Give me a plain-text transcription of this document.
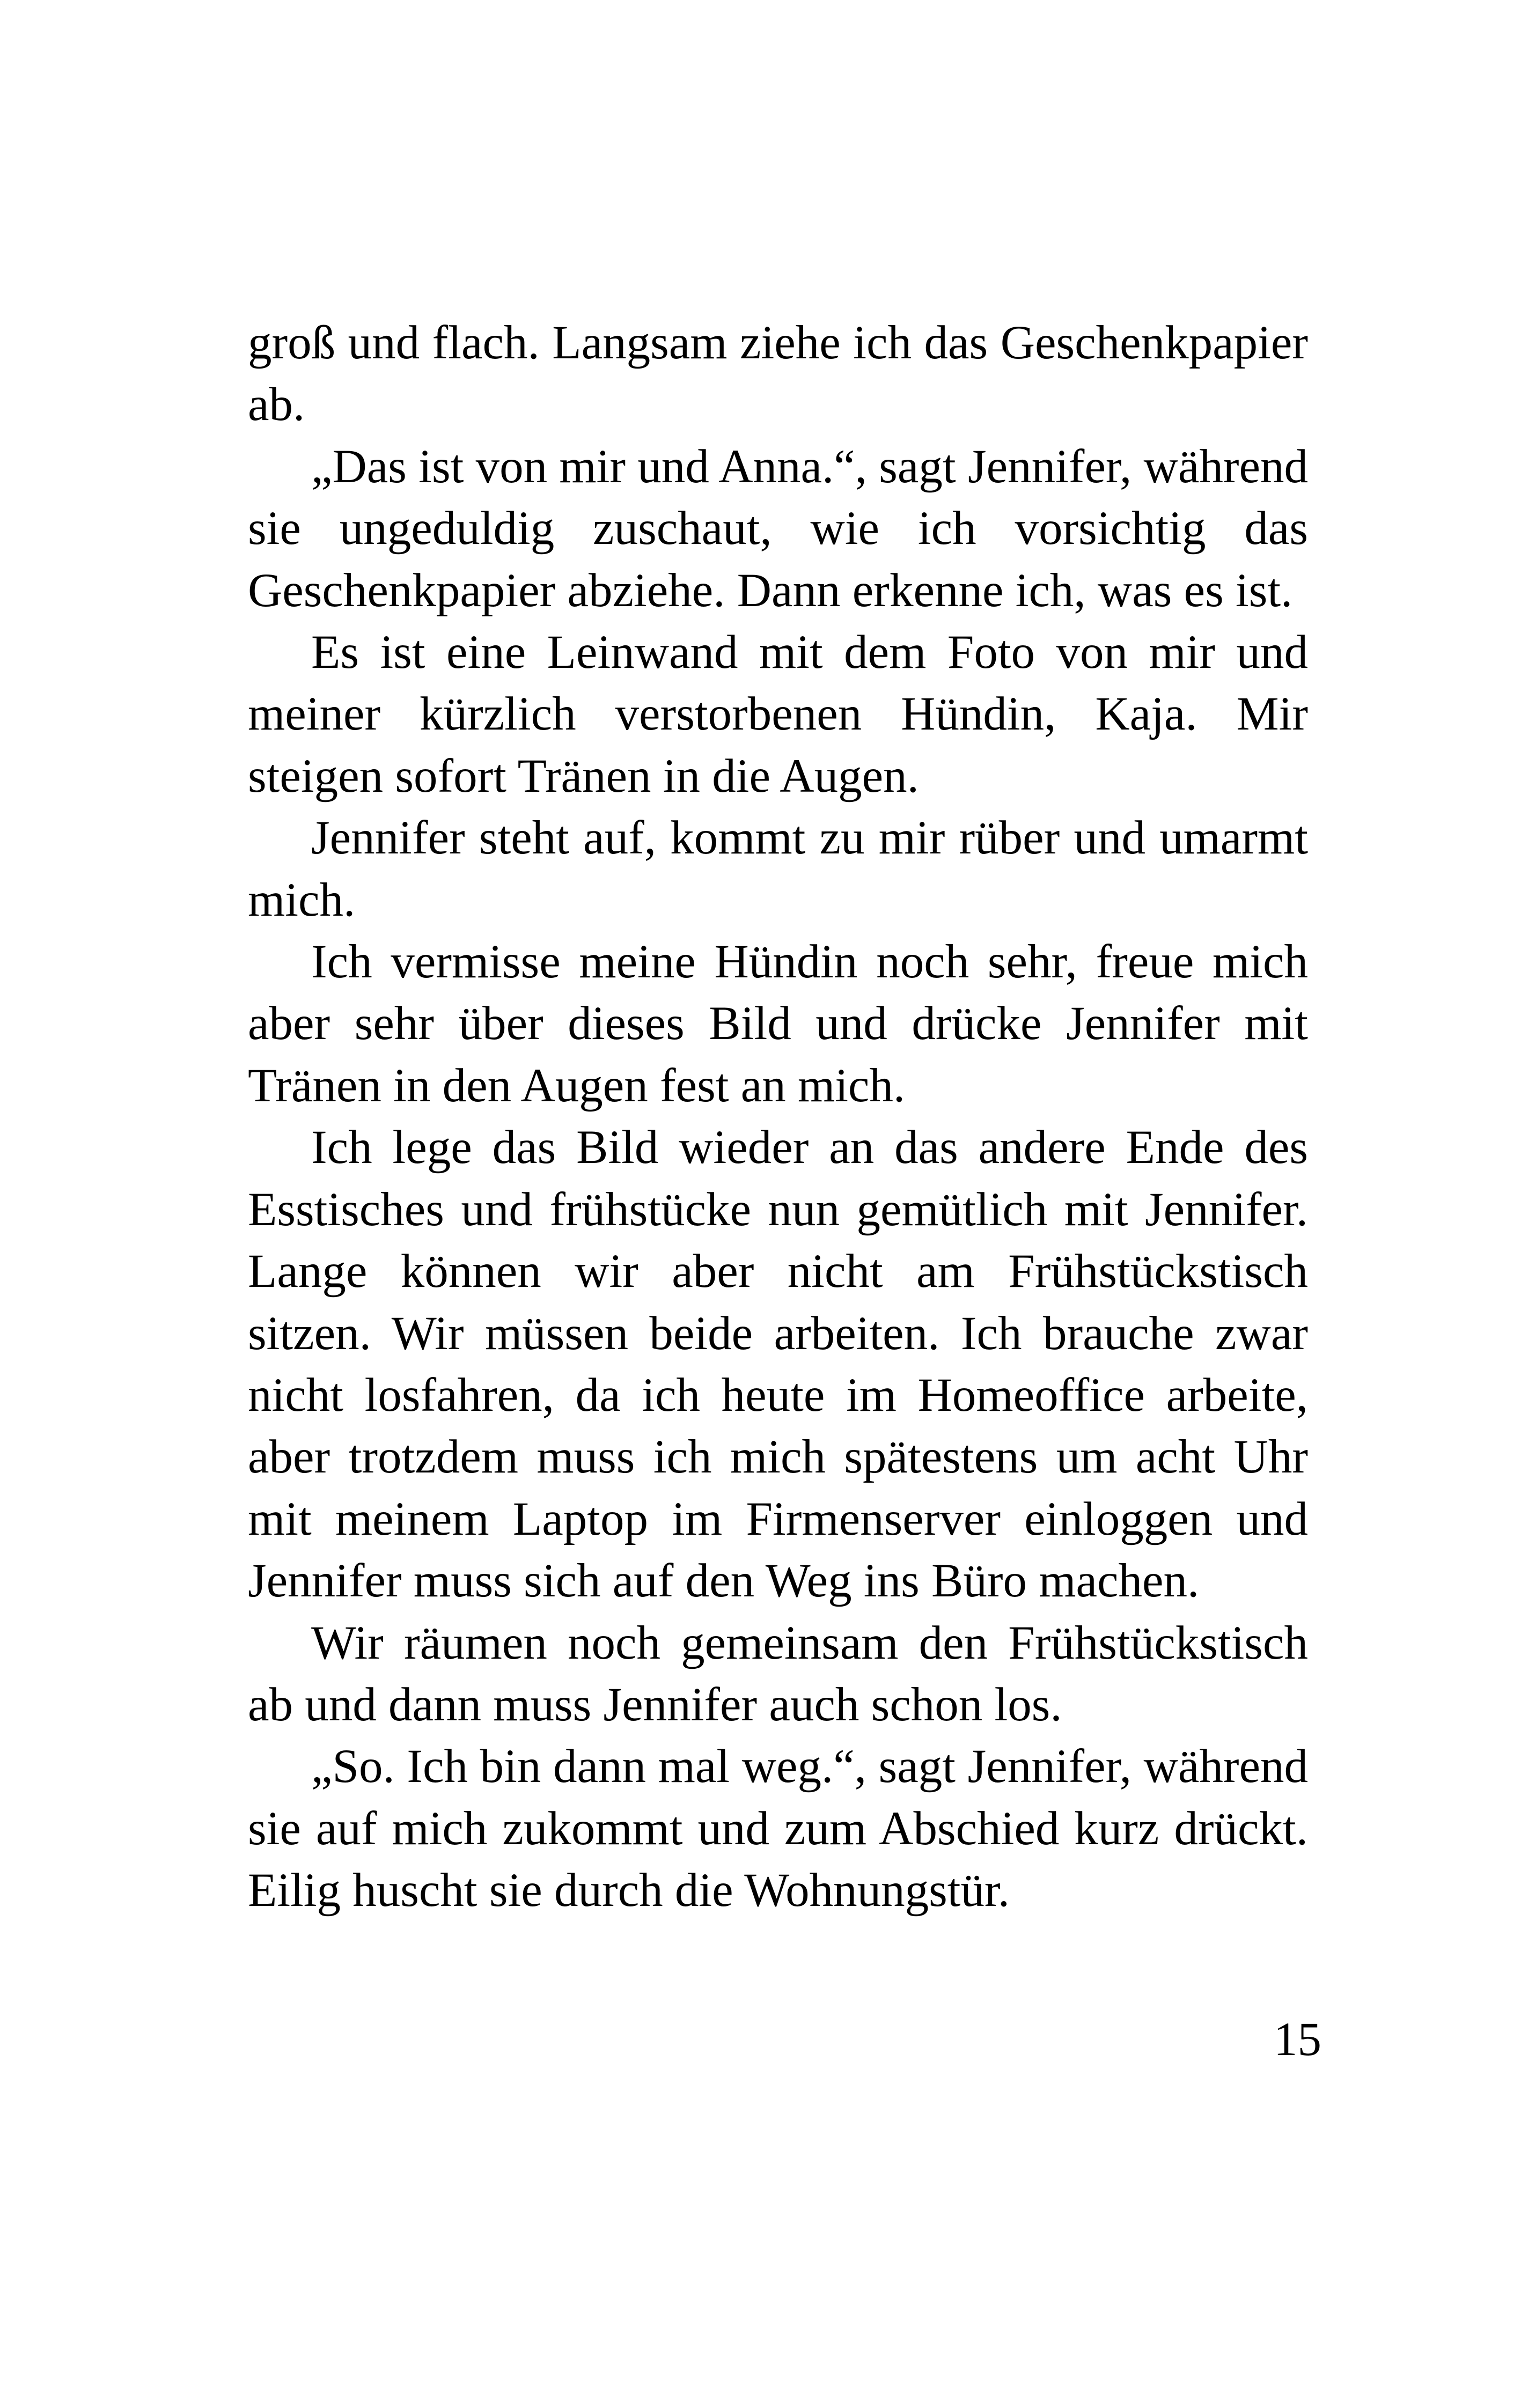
groß und flach. Langsam ziehe ich das Geschenkpapier ab.

„Das ist von mir und Anna.“, sagt Jennifer, während sie ungeduldig zuschaut, wie ich vorsichtig das Geschenkpapier abziehe. Dann erkenne ich, was es ist.

Es ist eine Leinwand mit dem Foto von mir und meiner kürzlich verstorbenen Hündin, Kaja. Mir steigen sofort Tränen in die Augen.

Jennifer steht auf, kommt zu mir rüber und umarmt mich.

Ich vermisse meine Hündin noch sehr, freue mich aber sehr über dieses Bild und drücke Jennifer mit Tränen in den Augen fest an mich.

Ich lege das Bild wieder an das andere Ende des Esstisches und frühstücke nun gemütlich mit Jennifer. Lange können wir aber nicht am Frühstückstisch sitzen. Wir müssen beide arbeiten. Ich brauche zwar nicht losfahren, da ich heute im Homeoffice arbeite, aber trotzdem muss ich mich spätestens um acht Uhr mit meinem Laptop im Firmenserver einloggen und Jennifer muss sich auf den Weg ins Büro machen.

Wir räumen noch gemeinsam den Frühstückstisch ab und dann muss Jennifer auch schon los.

„So. Ich bin dann mal weg.“, sagt Jennifer, während sie auf mich zukommt und zum Abschied kurz drückt. Eilig huscht sie durch die Wohnungstür.

15
